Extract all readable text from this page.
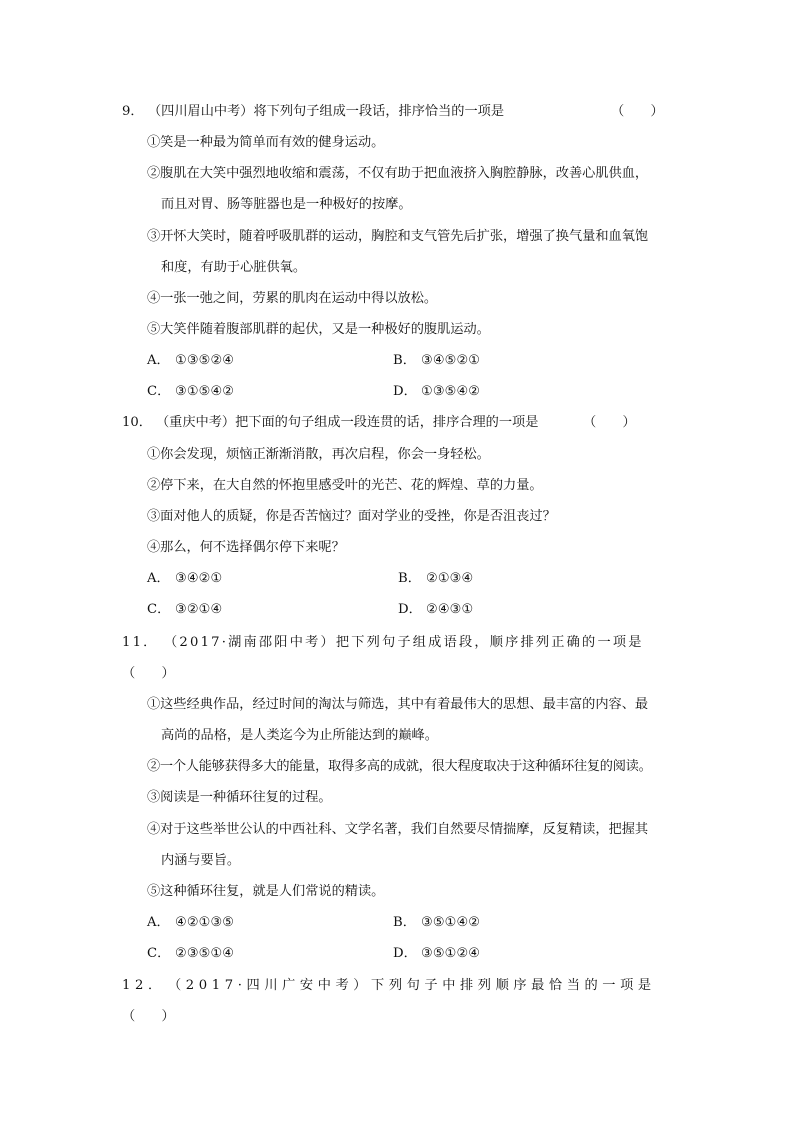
9． （四川眉山中考）将下列句子组成一段话，排序恰当的一项是	（　　）
①笑是一种最为简单而有效的健身运动。
②腹肌在大笑中强烈地收缩和震荡，不仅有助于把血液挤入胸腔静脉，改善心肌供血，
而且对胃、肠等脏器也是一种极好的按摩。
③开怀大笑时，随着呼吸肌群的运动，胸腔和支气管先后扩张，增强了换气量和血氧饱
和度，有助于心脏供氧。
④一张一弛之间，劳累的肌肉在运动中得以放松。
⑤大笑伴随着腹部肌群的起伏，又是一种极好的腹肌运动。
A． ①③⑤②④	B． ③④⑤②①
C． ③①⑤④②	D． ①③⑤④②
10． （重庆中考）把下面的句子组成一段连贯的话，排序合理的一项是	（　　）
①你会发现，烦恼正渐渐消散，再次启程，你会一身轻松。
②停下来，在大自然的怀抱里感受叶的光芒、花的辉煌、草的力量。
③面对他人的质疑，你是否苦恼过？面对学业的受挫，你是否沮丧过？
④那么，何不选择偶尔停下来呢？
A． ③④②①	B． ②①③④
C． ③②①④	D． ②④③①
11． （2017·湖南邵阳中考）把下列句子组成语段，顺序排列正确的一项是
（　　）
①这些经典作品，经过时间的淘汰与筛选，其中有着最伟大的思想、最丰富的内容、最
高尚的品格，是人类迄今为止所能达到的巅峰。
②一个人能够获得多大的能量，取得多高的成就，很大程度取决于这种循环往复的阅读。
③阅读是一种循环往复的过程。
④对于这些举世公认的中西社科、文学名著，我们自然要尽情揣摩，反复精读，把握其
内涵与要旨。
⑤这种循环往复，就是人们常说的精读。
A． ④②①③⑤	B． ③⑤①④②
C． ②③⑤①④	D． ③⑤①②④
12． （2017·四川广安中考）下列句子中排列顺序最恰当的一项是
（　　）
